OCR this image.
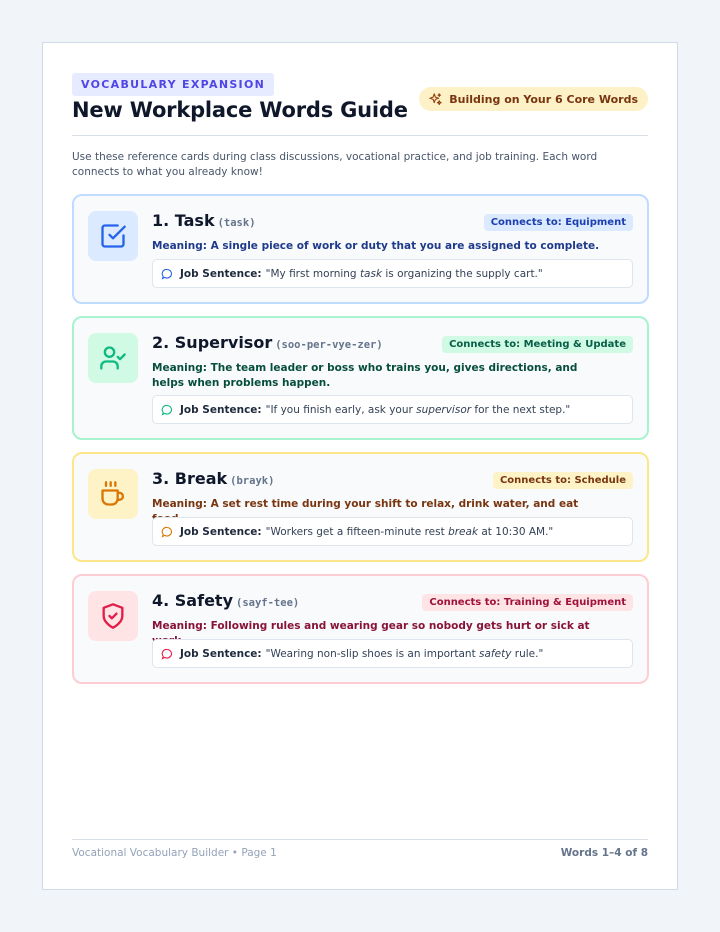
VOCABULARY EXPANSION
New Workplace Words Guide	Building on Your 6 Core Words

Use these reference cards during class discussions, vocational practice, and job training. Each word connects to what you already know!

1. Task (task)	Connects to: Equipment
Meaning: A single piece of work or duty that you are assigned to complete.
Job Sentence: "My first morning task is organizing the supply cart."
2. Supervisor (soo-per-vye-zer)	Connects to: Meeting & Update
Meaning: The team leader or boss who trains you, gives directions, and helps when problems happen.
Job Sentence: "If you finish early, ask your supervisor for the next step."
3. Break (brayk)	Connects to: Schedule
Meaning: A set rest time during your shift to relax, drink water, and eat
Job Sentence: "Workers get a fifteen-minute rest break at 10:30 AM."
4. Safety (sayf-tee)	Connects to: Training & Equipment
Meaning: Following rules and wearing gear so nobody gets hurt or sick at
Job Sentence: "Wearing non-slip shoes is an important safety rule."
Vocational Vocabulary Builder • Page 1	Words 1–4 of 8
